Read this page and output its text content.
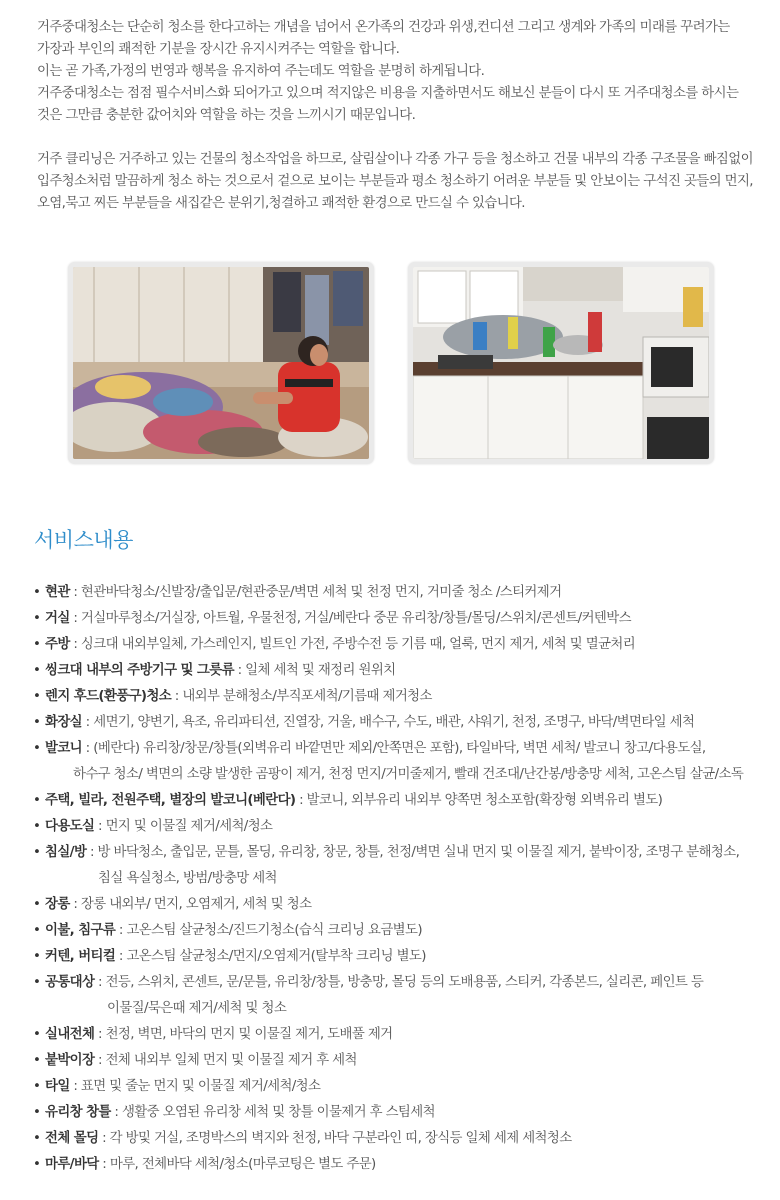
거주중대청소는 단순히 청소를 한다고하는 개념을 넘어서 온가족의 건강과 위생,컨디션 그리고 생계와 가족의 미래를 꾸려가는

가장과 부인의 쾌적한 기분을 장시간 유지시켜주는 역할을 합니다.

이는 곧 가족,가정의 번영과 행복을 유지하여 주는데도 역할을 분명히 하게됩니다.

거주중대청소는 점점 필수서비스화 되어가고 있으며 적지않은 비용을 지출하면서도 해보신 분들이 다시 또 거주대청소를 하시는

것은 그만큼 충분한 값어치와 역할을 하는 것을 느끼시기 때문입니다.

거주 클리닝은 거주하고 있는 건물의 청소작업을 하므로, 살림살이나 각종 가구 등을 청소하고 건물 내부의 각종 구조물을 빠짐없이

입주청소처럼 말끔하게 청소 하는 것으로서 겉으로 보이는 부분들과 평소 청소하기 어려운 부분들 및 안보이는 구석진 곳들의 먼지,

오염,묵고 찌든 부분들을 새집같은 분위기,청결하고 쾌적한 환경으로 만드실 수 있습니다.

서비스내용
• 현관 : 현관바닥청소/신발장/출입문/현관중문/벽면 세척 및 천정 먼지, 거미줄 청소 /스티커제거
• 거실 : 거실마루청소/거실장, 아트월, 우물천정, 거실/베란다 중문 유리창/창틀/몰딩/스위치/콘센트/커텐박스
• 주방 : 싱크대 내외부일체, 가스레인지, 빌트인 가전, 주방수전 등 기름 때, 얼룩, 먼지 제거, 세척 및 멸균처리
• 씽크대 내부의 주방기구 및 그릇류 : 일체 세척 및 재정리 원위치
• 렌지 후드(환풍구)청소 : 내외부 분해청소/부직포세척/기름때 제거청소
• 화장실 : 세면기, 양변기, 욕조, 유리파티션, 진열장, 거울, 배수구, 수도, 배관, 샤워기, 천정, 조명구, 바닥/벽면타일 세척
• 발코니 : (베란다) 유리창/창문/창틀(외벽유리 바깥면만 제외/안쪽면은 포함), 타일바닥, 벽면 세척/ 발코니 창고/다용도실,
하수구 청소/ 벽면의 소량 발생한 곰팡이 제거, 천정 먼지/거미줄제거, 빨래 건조대/난간봉/방충망 세척, 고온스팀 살균/소독
• 주택, 빌라, 전원주택, 별장의 발코니(베란다) : 발코니, 외부유리 내외부 양쪽면 청소포함(확장형 외벽유리 별도)
• 다용도실 : 먼지 및 이물질 제거/세척/청소
• 침실/방 : 방 바닥청소, 출입문, 문틀, 몰딩, 유리창, 창문, 창틀, 천정/벽면 실내 먼지 및 이물질 제거, 붙박이장, 조명구 분해청소,
침실 욕실청소, 방범/방충망 세척
• 장롱 : 장롱 내외부/ 먼지, 오염제거, 세척 및 청소
• 이불, 침구류 : 고온스팀 살균청소/진드기청소(습식 크리닝 요금별도)
• 커텐, 버티컬 : 고온스팀 살균청소/먼지/오염제거(탈부착 크리닝 별도)
• 공통대상 : 전등, 스위치, 콘센트, 문/문틀, 유리창/창틀, 방충망, 몰딩 등의 도배용품, 스티커, 각종본드, 실리콘, 페인트 등
이물질/묵은때 제거/세척 및 청소
• 실내전체 : 천정, 벽면, 바닥의 먼지 및 이물질 제거, 도배풀 제거
• 붙박이장 : 전체 내외부 일체 먼지 및 이물질 제거 후 세척
• 타일 : 표면 및 줄눈 먼지 및 이물질 제거/세척/청소
• 유리창 창틀 : 생활중 오염된 유리창 세척 및 창틀 이물제거 후 스팀세척
• 전체 몰딩 : 각 방및 거실, 조명박스의 벽지와 천정, 바닥 구분라인 띠, 장식등 일체 세제 세척청소
• 마루/바닥 : 마루, 전체바닥 세척/청소(마루코팅은 별도 주문)
